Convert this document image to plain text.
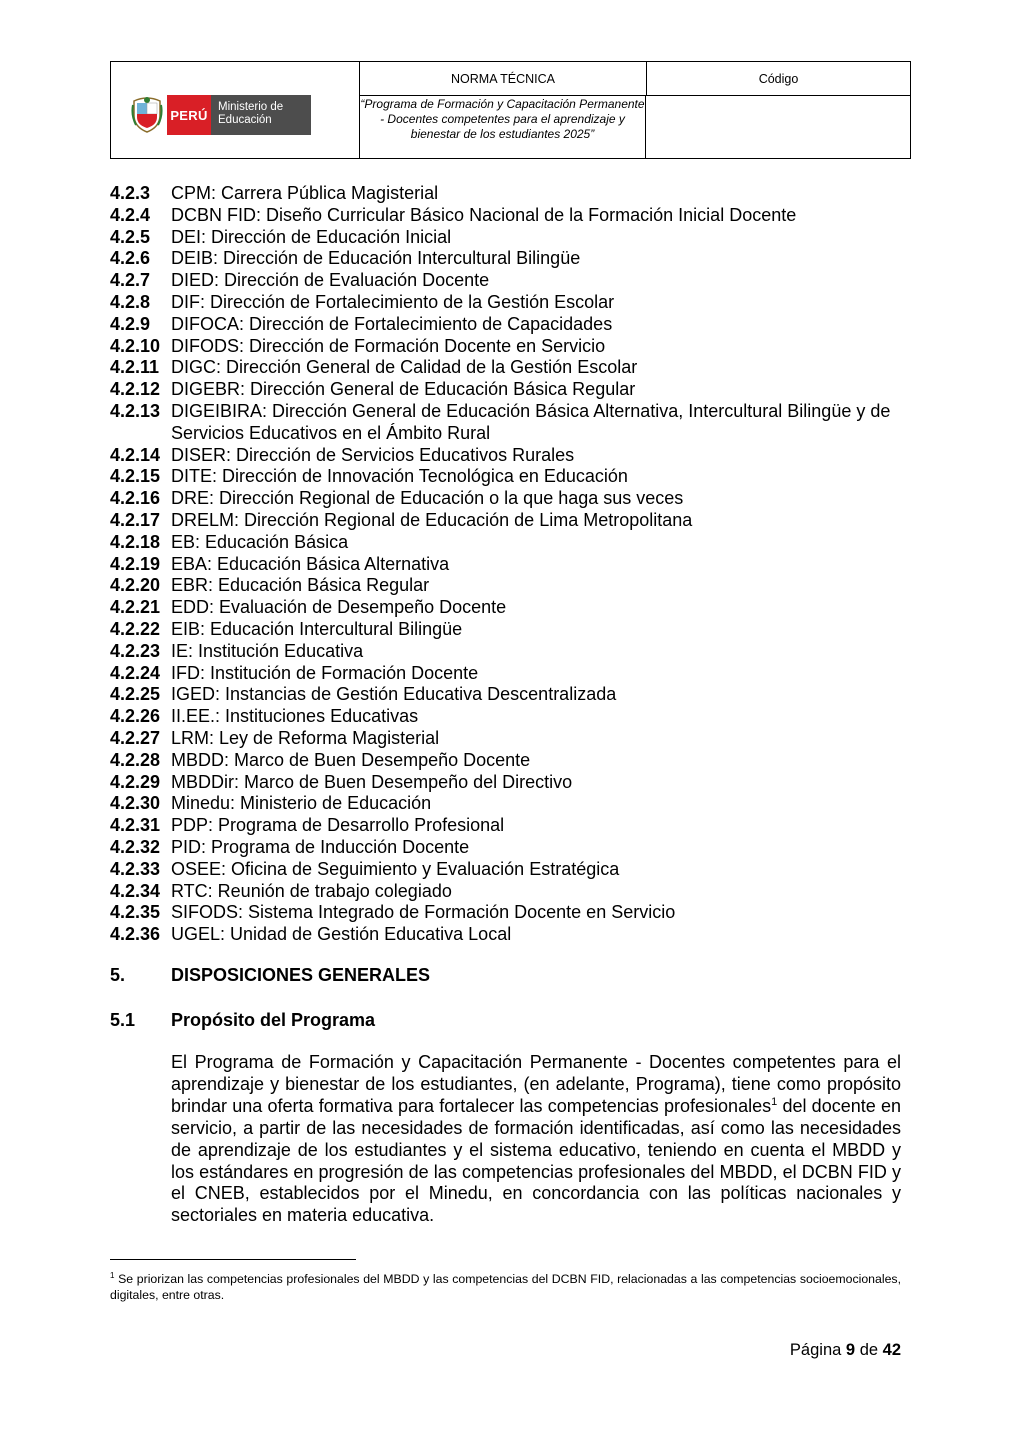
PERÚ
Ministerio de Educación
NORMA TÉCNICA
“Programa de Formación y Capacitación Permanente - Docentes competentes para el aprendizaje y bienestar de los estudiantes 2025”
Código
4.2.3	CPM: Carrera Pública Magisterial
4.2.4	DCBN FID: Diseño Curricular Básico Nacional de la Formación Inicial Docente
4.2.5	DEI: Dirección de Educación Inicial
4.2.6	DEIB: Dirección de Educación Intercultural Bilingüe
4.2.7	DIED: Dirección de Evaluación Docente
4.2.8	DIF: Dirección de Fortalecimiento de la Gestión Escolar
4.2.9	DIFOCA: Dirección de Fortalecimiento de Capacidades
4.2.10 DIFODS: Dirección de Formación Docente en Servicio
4.2.11 DIGC: Dirección General de Calidad de la Gestión Escolar
4.2.12 DIGEBR: Dirección General de Educación Básica Regular
4.2.13 DIGEIBIRA: Dirección General de Educación Básica Alternativa, Intercultural Bilingüe y de Servicios Educativos en el Ámbito Rural
4.2.14 DISER: Dirección de Servicios Educativos Rurales
4.2.15 DITE: Dirección de Innovación Tecnológica en Educación
4.2.16 DRE: Dirección Regional de Educación o la que haga sus veces
4.2.17 DRELM: Dirección Regional de Educación de Lima Metropolitana
4.2.18 EB: Educación Básica
4.2.19 EBA: Educación Básica Alternativa
4.2.20 EBR: Educación Básica Regular
4.2.21 EDD: Evaluación de Desempeño Docente
4.2.22 EIB: Educación Intercultural Bilingüe
4.2.23 IE: Institución Educativa
4.2.24 IFD: Institución de Formación Docente
4.2.25 IGED: Instancias de Gestión Educativa Descentralizada
4.2.26 II.EE.: Instituciones Educativas
4.2.27 LRM: Ley de Reforma Magisterial
4.2.28 MBDD: Marco de Buen Desempeño Docente
4.2.29 MBDDir: Marco de Buen Desempeño del Directivo
4.2.30 Minedu: Ministerio de Educación
4.2.31 PDP: Programa de Desarrollo Profesional
4.2.32 PID: Programa de Inducción Docente
4.2.33 OSEE: Oficina de Seguimiento y Evaluación Estratégica
4.2.34 RTC: Reunión de trabajo colegiado
4.2.35 SIFODS: Sistema Integrado de Formación Docente en Servicio
4.2.36 UGEL: Unidad de Gestión Educativa Local
5.	DISPOSICIONES GENERALES
5.1 Propósito del Programa
El Programa de Formación y Capacitación Permanente - Docentes competentes para el aprendizaje y bienestar de los estudiantes, (en adelante, Programa), tiene como propósito brindar una oferta formativa para fortalecer las competencias profesionales$^1$ del docente en servicio, a partir de las necesidades de formación identificadas, así como las necesidades de aprendizaje de los estudiantes y el sistema educativo, teniendo en cuenta el MBDD y los estándares en progresión de las competencias profesionales del MBDD, el DCBN FID y el CNEB, establecidos por el Minedu, en concordancia con las políticas nacionales y sectoriales en materia educativa.
$^1$ Se priorizan las competencias profesionales del MBDD y las competencias del DCBN FID, relacionadas a las competencias socioemocionales, digitales, entre otras.
Página 9 de 42
